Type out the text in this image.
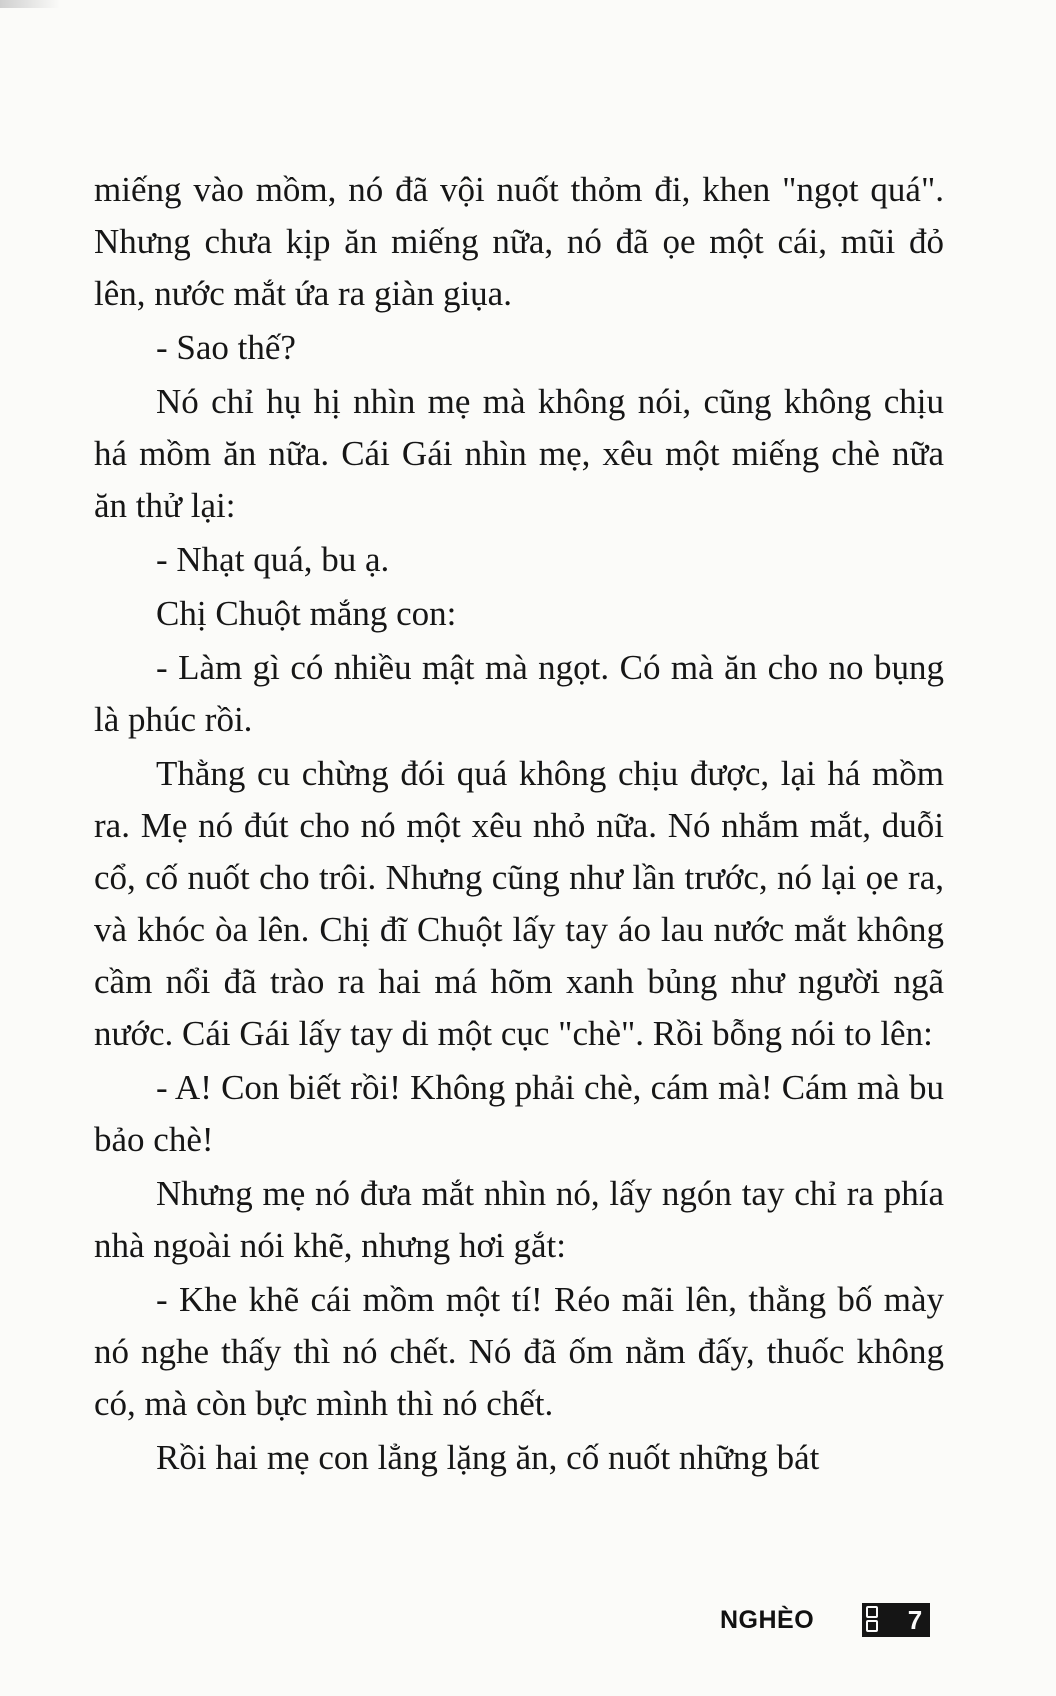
miếng vào mồm, nó đã vội nuốt thỏm đi, khen "ngọt quá". Nhưng chưa kịp ăn miếng nữa, nó đã ọe một cái, mũi đỏ lên, nước mắt ứa ra giàn giụa.

- Sao thế?

Nó chỉ hụ hị nhìn mẹ mà không nói, cũng không chịu há mồm ăn nữa. Cái Gái nhìn mẹ, xêu một miếng chè nữa ăn thử lại:

- Nhạt quá, bu ạ.

Chị Chuột mắng con:

- Làm gì có nhiều mật mà ngọt. Có mà ăn cho no bụng là phúc rồi.

Thằng cu chừng đói quá không chịu được, lại há mồm ra. Mẹ nó đút cho nó một xêu nhỏ nữa. Nó nhắm mắt, duỗi cổ, cố nuốt cho trôi. Nhưng cũng như lần trước, nó lại ọe ra, và khóc òa lên. Chị đĩ Chuột lấy tay áo lau nước mắt không cầm nổi đã trào ra hai má hõm xanh bủng như người ngã nước. Cái Gái lấy tay di một cục "chè". Rồi bỗng nói to lên:

- A! Con biết rồi! Không phải chè, cám mà! Cám mà bu bảo chè!

Nhưng mẹ nó đưa mắt nhìn nó, lấy ngón tay chỉ ra phía nhà ngoài nói khẽ, nhưng hơi gắt:

- Khe khẽ cái mồm một tí! Réo mãi lên, thằng bố mày nó nghe thấy thì nó chết. Nó đã ốm nằm đấy, thuốc không có, mà còn bực mình thì nó chết.

Rồi hai mẹ con lẳng lặng ăn, cố nuốt những bát

NGHÈO	7
